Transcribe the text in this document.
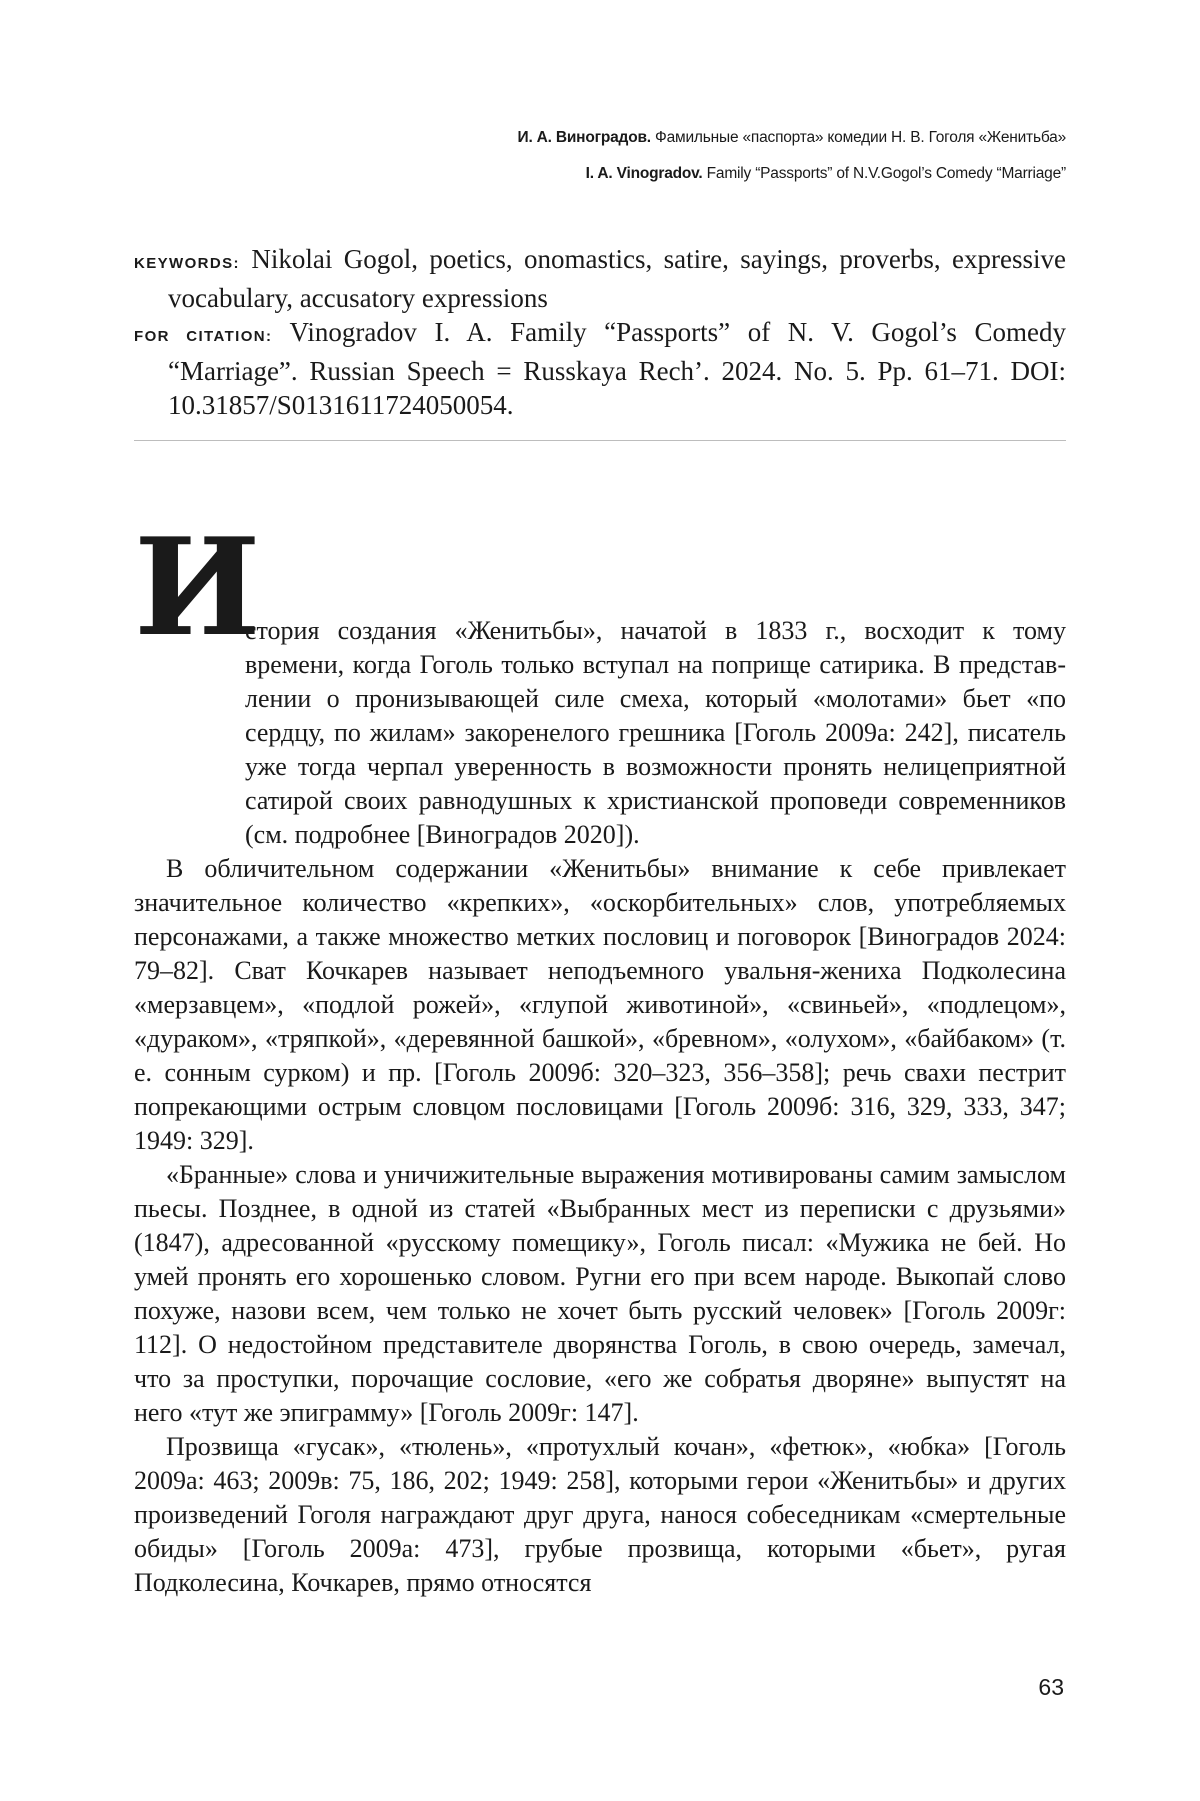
И. А. Виноградов. Фамильные «паспорта» комедии Н. В. Гоголя «Женитьба»
I. A. Vinogradov. Family “Passports” of N.V.Gogol’s Comedy “Marriage”
KEYWORDS: Nikolai Gogol, poetics, onomastics, satire, sayings, proverbs, expressive vocabulary, accusatory expressions
FOR CITATION: Vinogradov I. A. Family “Passports” of N. V. Gogol’s Comedy “Marriage”. Russian Speech = Russkaya Rech’. 2024. No. 5. Pp. 61–71. DOI: 10.31857/S0131611724050054.
И

стория создания «Женитьбы», начатой в 1833 г., восходит к тому времени, когда Гоголь только вступал на поприще сатирика. В представлении о пронизывающей силе смеха, который «молотами» бьет «по сердцу, по жилам» закоренелого грешника [Гоголь 2009а: 242], писатель уже тогда черпал уверенность в возможности пронять нелицеприятной сатирой своих равнодушных к христианской проповеди современников (см. подробнее [Виноградов 2020]).

В обличительном содержании «Женитьбы» внимание к себе привлекает значительное количество «крепких», «оскорбительных» слов, употребляемых персонажами, а также множество метких пословиц и поговорок [Виноградов 2024: 79–82]. Сват Кочкарев называет неподъемного увальня-жениха Подколесина «мерзавцем», «подлой рожей», «глупой животиной», «свиньей», «подлецом», «дураком», «тряпкой», «деревянной башкой», «бревном», «олухом», «байбаком» (т. е. сонным сурком) и пр. [Гоголь 2009б: 320–323, 356–358]; речь свахи пестрит попрекающими острым словцом пословицами [Гоголь 2009б: 316, 329, 333, 347; 1949: 329].

«Бранные» слова и уничижительные выражения мотивированы самим замыслом пьесы. Позднее, в одной из статей «Выбранных мест из переписки с друзьями» (1847), адресованной «русскому помещику», Гоголь писал: «Мужика не бей. Но умей пронять его хорошенько словом. Ругни его при всем народе. Выкопай слово похуже, назови всем, чем только не хочет быть русский человек» [Гоголь 2009г: 112]. О недостойном представителе дворянства Гоголь, в свою очередь, замечал, что за проступки, порочащие сословие, «его же собратья дворяне» выпустят на него «тут же эпиграмму» [Гоголь 2009г: 147].

Прозвища «гусак», «тюлень», «протухлый кочан», «фетюк», «юбка» [Гоголь 2009а: 463; 2009в: 75, 186, 202; 1949: 258], которыми герои «Женитьбы» и других произведений Гоголя награждают друг друга, нанося собеседникам «смертельные обиды» [Гоголь 2009а: 473], грубые прозвища, которыми «бьет», ругая Подколесина, Кочкарев, прямо относятся

63
